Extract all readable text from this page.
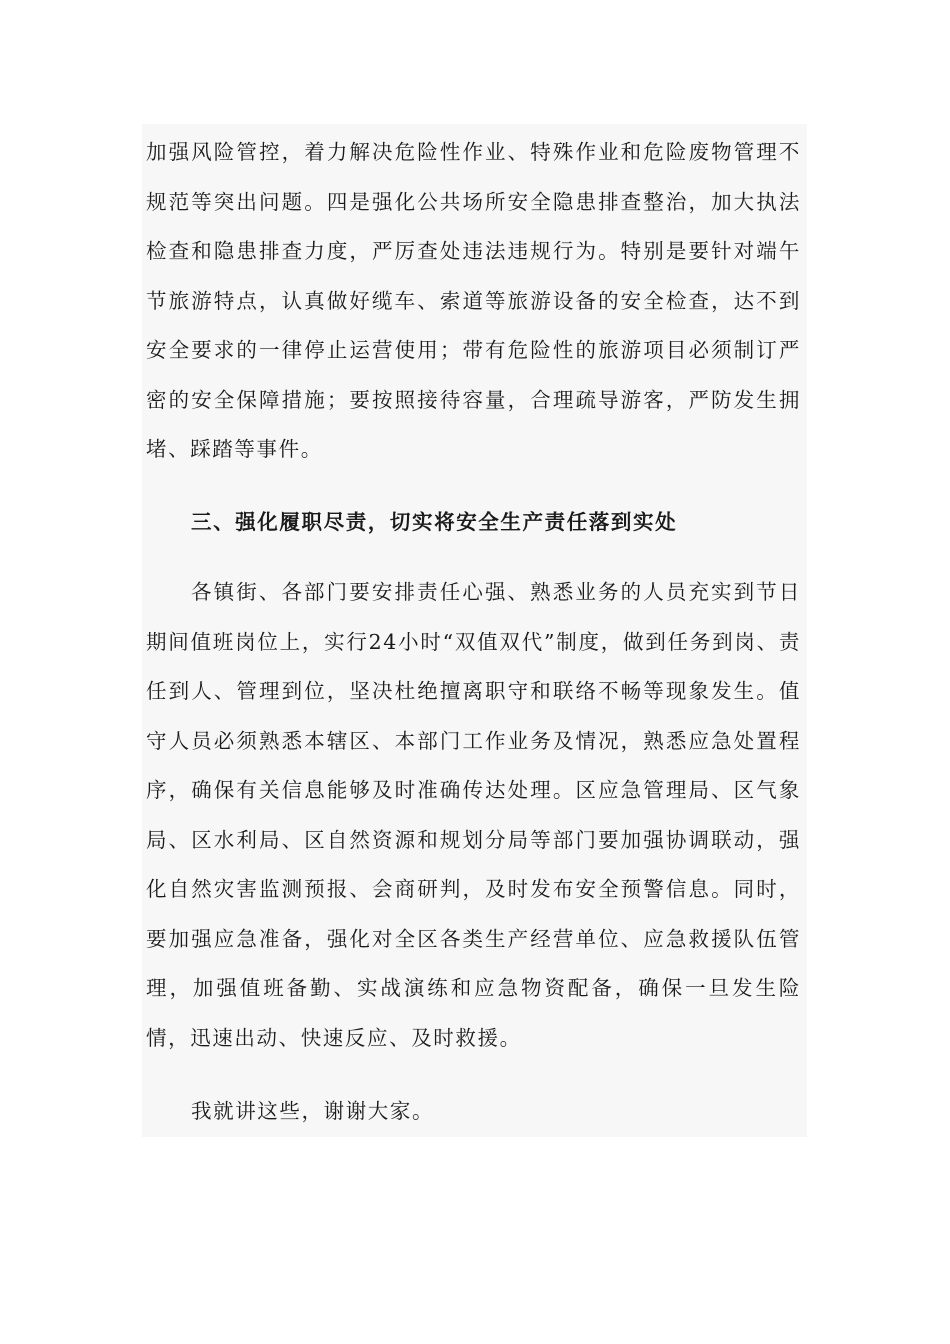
加强风险管控，着力解决危险性作业、特殊作业和危险废物管理不规范等突出问题。四是强化公共场所安全隐患排查整治，加大执法检查和隐患排查力度，严厉查处违法违规行为。特别是要针对端午节旅游特点，认真做好缆车、索道等旅游设备的安全检查，达不到安全要求的一律停止运营使用；带有危险性的旅游项目必须制订严密的安全保障措施；要按照接待容量，合理疏导游客，严防发生拥堵、踩踏等事件。

三、强化履职尽责，切实将安全生产责任落到实处

各镇街、各部门要安排责任心强、熟悉业务的人员充实到节日期间值班岗位上，实行24小时“双值双代”制度，做到任务到岗、责任到人、管理到位，坚决杜绝擅离职守和联络不畅等现象发生。值守人员必须熟悉本辖区、本部门工作业务及情况，熟悉应急处置程序，确保有关信息能够及时准确传达处理。区应急管理局、区气象局、区水利局、区自然资源和规划分局等部门要加强协调联动，强化自然灾害监测预报、会商研判，及时发布安全预警信息。同时，要加强应急准备，强化对全区各类生产经营单位、应急救援队伍管理，加强值班备勤、实战演练和应急物资配备，确保一旦发生险情，迅速出动、快速反应、及时救援。

我就讲这些，谢谢大家。
